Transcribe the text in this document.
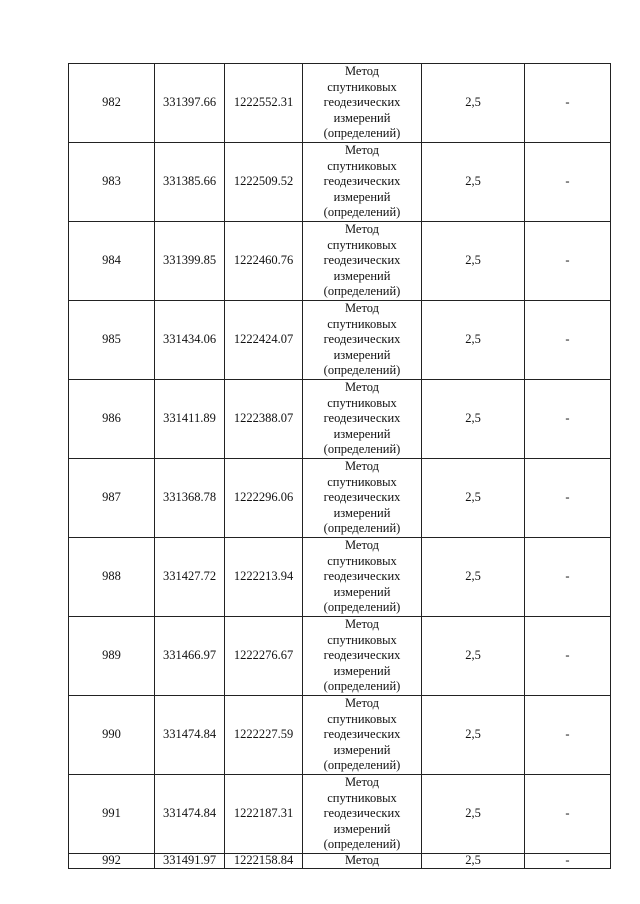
982	331397.66	1222552.31	Метод
спутниковых
геодезических
измерений
(определений)	2,5	-
983	331385.66	1222509.52	Метод
спутниковых
геодезических
измерений
(определений)	2,5	-
984	331399.85	1222460.76	Метод
спутниковых
геодезических
измерений
(определений)	2,5	-
985	331434.06	1222424.07	Метод
спутниковых
геодезических
измерений
(определений)	2,5	-
986	331411.89	1222388.07	Метод
спутниковых
геодезических
измерений
(определений)	2,5	-
987	331368.78	1222296.06	Метод
спутниковых
геодезических
измерений
(определений)	2,5	-
988	331427.72	1222213.94	Метод
спутниковых
геодезических
измерений
(определений)	2,5	-
989	331466.97	1222276.67	Метод
спутниковых
геодезических
измерений
(определений)	2,5	-
990	331474.84	1222227.59	Метод
спутниковых
геодезических
измерений
(определений)	2,5	-
991	331474.84	1222187.31	Метод
спутниковых
геодезических
измерений
(определений)	2,5	-
992	331491.97	1222158.84	Метод	2,5	-
